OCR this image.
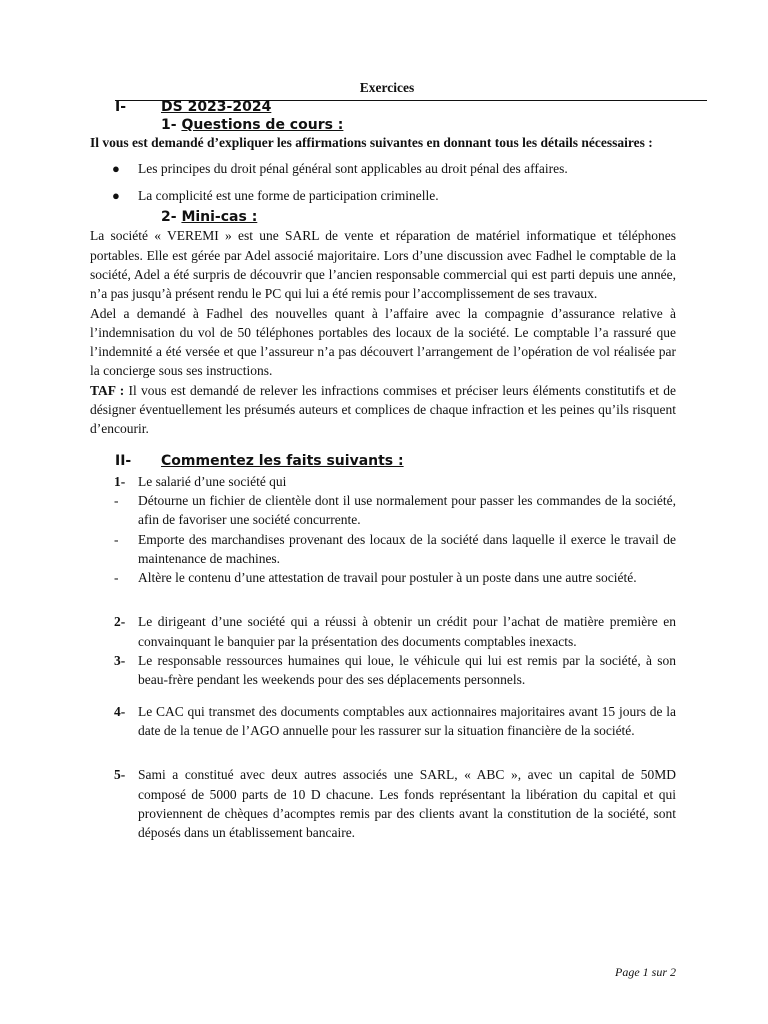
Exercices
I- DS 2023-2024
1- Questions de cours :
Il vous est demandé d’expliquer les affirmations suivantes en donnant tous les détails nécessaires :
● Les principes du droit pénal général sont applicables au droit pénal des affaires.
● La complicité est une forme de participation criminelle.
2- Mini-cas :
La société « VEREMI » est une SARL de vente et réparation de matériel informatique et téléphones portables. Elle est gérée par Adel associé majoritaire. Lors d’une discussion avec Fadhel le comptable de la société, Adel a été surpris de découvrir que l’ancien responsable commercial qui est parti depuis une année, n’a pas jusqu’à présent rendu le PC qui lui a été remis pour l’accomplissement de ses travaux.
Adel a demandé à Fadhel des nouvelles quant à l’affaire avec la compagnie d’assurance relative à l’indemnisation du vol de 50 téléphones portables des locaux de la société. Le comptable l’a rassuré que l’indemnité a été versée et que l’assureur n’a pas découvert l’arrangement de l’opération de vol réalisée par la concierge sous ses instructions.
TAF : Il vous est demandé de relever les infractions commises et préciser leurs éléments constitutifs et de désigner éventuellement les présumés auteurs et complices de chaque infraction et les peines qu’ils risquent d’encourir.
II- Commentez les faits suivants :
1- Le salarié d’une société qui
- Détourne un fichier de clientèle dont il use normalement pour passer les commandes de la société, afin de favoriser une société concurrente.
- Emporte des marchandises provenant des locaux de la société dans laquelle il exerce le travail de maintenance de machines.
- Altère le contenu d’une attestation de travail pour postuler à un poste dans une autre société.
2- Le dirigeant d’une société qui a réussi à obtenir un crédit pour l’achat de matière première en convainquant le banquier par la présentation des documents comptables inexacts.
3- Le responsable ressources humaines qui loue, le véhicule qui lui est remis par la société, à son beau-frère pendant les weekends pour des ses déplacements personnels.
4- Le CAC qui transmet des documents comptables aux actionnaires majoritaires avant 15 jours de la date de la tenue de l’AGO annuelle pour les rassurer sur la situation financière de la société.
5- Sami a constitué avec deux autres associés une SARL, « ABC », avec un capital de 50MD composé de 5000 parts de 10 D chacune. Les fonds représentant la libération du capital et qui proviennent de chèques d’acomptes remis par des clients avant la constitution de la société, sont déposés dans un établissement bancaire.
Page 1 sur 2
